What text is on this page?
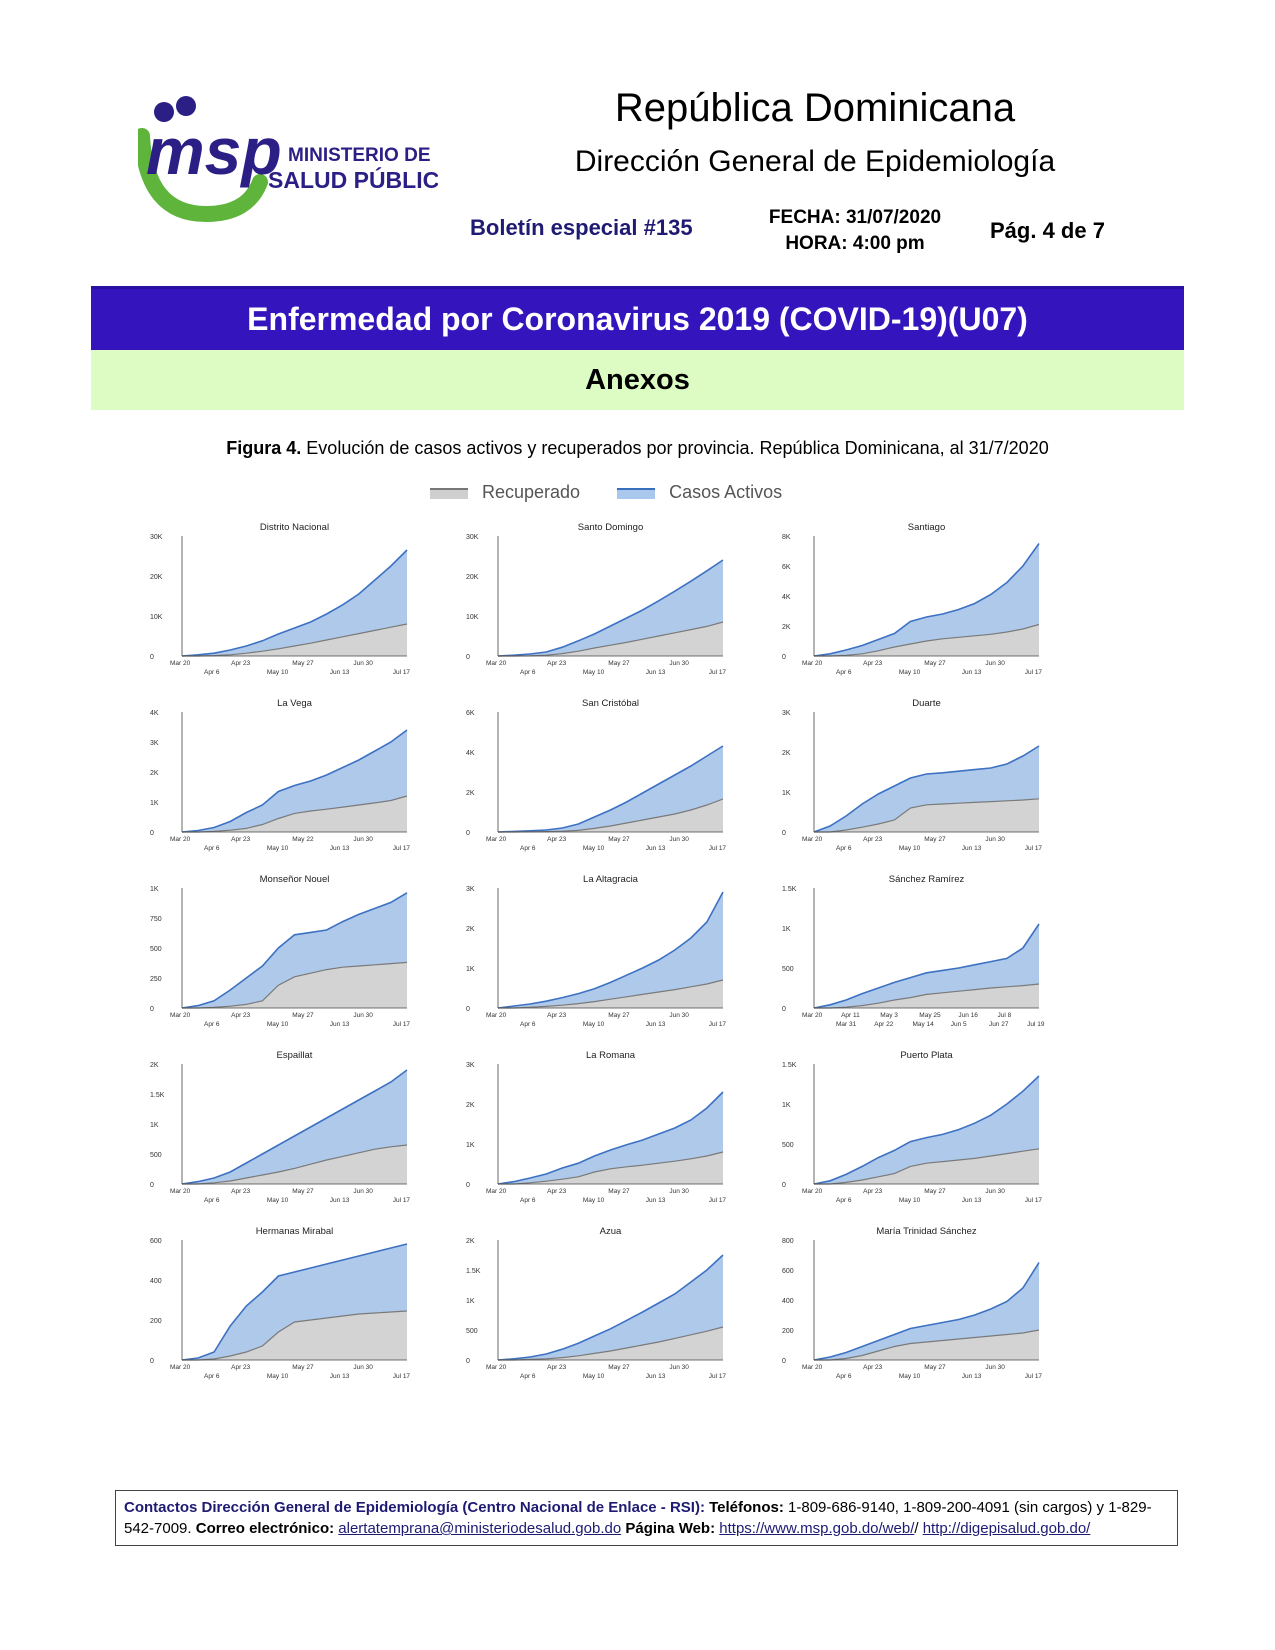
msp MINISTERIO DE
SALUD PÚBLICA
República Dominicana
Dirección General de Epidemiología
Boletín especial #135	FECHA: 31/07/2020
HORA: 4:00 pm
Pág. 4 de 7
Enfermedad por Coronavirus 2019 (COVID-19)(U07)
Anexos
Figura 4. Evolución de casos activos y recuperados por provincia. República Dominicana, al 31/7/2020
Recuperado	Casos Activos
Distrito Nacional
0
10K
20K
30K
Mar 20	Apr 23	May 27	Jun 30
Apr 6	May 10	Jun 13	Jul 17
Santo Domingo
0
10K
20K
30K
Mar 20	Apr 23	May 27	Jun 30
Apr 6	May 10	Jun 13	Jul 17
Santiago
0
2K
4K
6K
8K
Mar 20	Apr 23	May 27	Jun 30
Apr 6	May 10	Jun 13	Jul 17
La Vega
0
1K
2K
3K
4K
Mar 20	Apr 23	May 22	Jun 30
Apr 6	May 10	Jun 13	Jul 17
San Cristóbal
0
2K
4K
6K
Mar 20	Apr 23	May 27	Jun 30
Apr 6	May 10	Jun 13	Jul 17
Duarte
0
1K
2K
3K
Mar 20	Apr 23	May 27	Jun 30
Apr 6	May 10	Jun 13	Jul 17
Monseñor Nouel
0
250
500
750
1K
Mar 20	Apr 23	May 27	Jun 30
Apr 6	May 10	Jun 13	Jul 17
La Altagracia
0
1K
2K
3K
Mar 20	Apr 23	May 27	Jun 30
Apr 6	May 10	Jun 13	Jul 17
Sánchez Ramírez
0
500
1K
1.5K
Mar 20	Apr 11	May 3	May 25	Jun 16	Jul 8
Mar 31	Apr 22	May 14	Jun 5	Jun 27	Jul 19
Espaillat
0
500
1K
1.5K
2K
Mar 20	Apr 23	May 27	Jun 30
Apr 6	May 10	Jun 13	Jul 17
La Romana
0
1K
2K
3K
Mar 20	Apr 23	May 27	Jun 30
Apr 6	May 10	Jun 13	Jul 17
Puerto Plata
0
500
1K
1.5K
Mar 20	Apr 23	May 27	Jun 30
Apr 6	May 10	Jun 13	Jul 17
Hermanas Mirabal
0
200
400
600
Mar 20	Apr 23	May 27	Jun 30
Apr 6	May 10	Jun 13	Jul 17
Azua
0
500
1K
1.5K
2K
Mar 20	Apr 23	May 27	Jun 30
Apr 6	May 10	Jun 13	Jul 17
María Trinidad Sánchez
0
200
400
600
800
Mar 20	Apr 23	May 27	Jun 30
Apr 6	May 10	Jun 13	Jul 17
Contactos Dirección General de Epidemiología (Centro Nacional de Enlace - RSI): Teléfonos: 1-809-686-9140, 1-809-200-4091 (sin cargos) y 1-829-542-7009. Correo electrónico: alertatemprana@ministeriodesalud.gob.do Página Web: https://www.msp.gob.do/web// http://digepisalud.gob.do/
